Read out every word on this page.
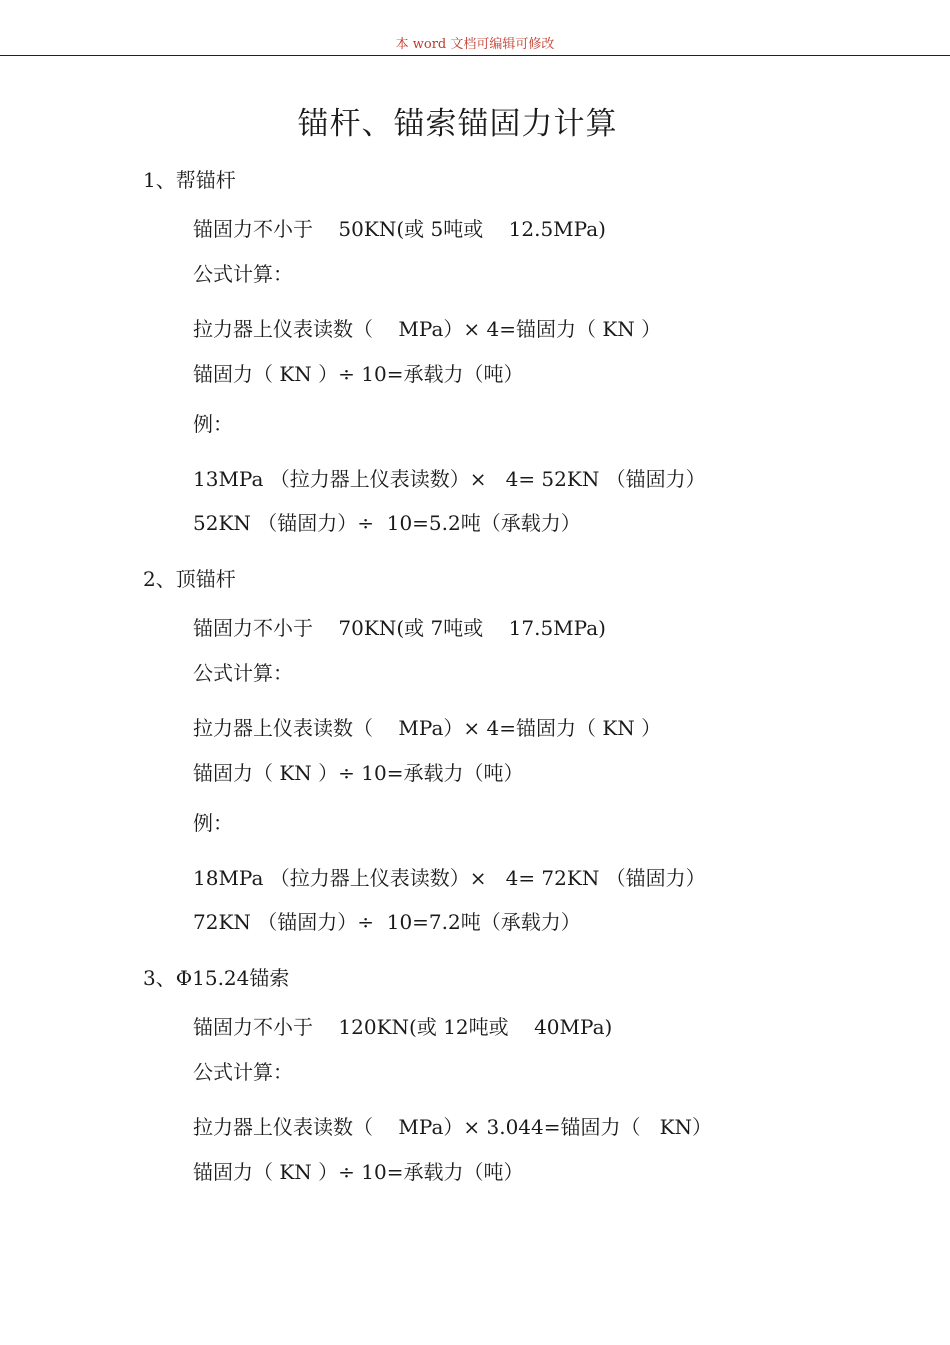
本 word 文档可编辑可修改
锚杆、锚索锚固力计算
1、帮锚杆
锚固力不小于    50KN(或 5吨或    12.5MPa)
公式计算：
拉力器上仪表读数（    MPa）× 4=锚固力（ KN ）
锚固力（ KN ）÷ 10=承载力（吨）
例：
13MPa （拉力器上仪表读数）×   4= 52KN （锚固力）
52KN （锚固力）÷  10=5.2吨（承载力）
2、顶锚杆
锚固力不小于    70KN(或 7吨或    17.5MPa)
公式计算：
拉力器上仪表读数（    MPa）× 4=锚固力（ KN ）
锚固力（ KN ）÷ 10=承载力（吨）
例：
18MPa （拉力器上仪表读数）×   4= 72KN （锚固力）
72KN （锚固力）÷  10=7.2吨（承载力）
3、Φ15.24锚索
锚固力不小于    120KN(或 12吨或    40MPa)
公式计算：
拉力器上仪表读数（    MPa）× 3.044=锚固力（   KN）
锚固力（ KN ）÷ 10=承载力（吨）
